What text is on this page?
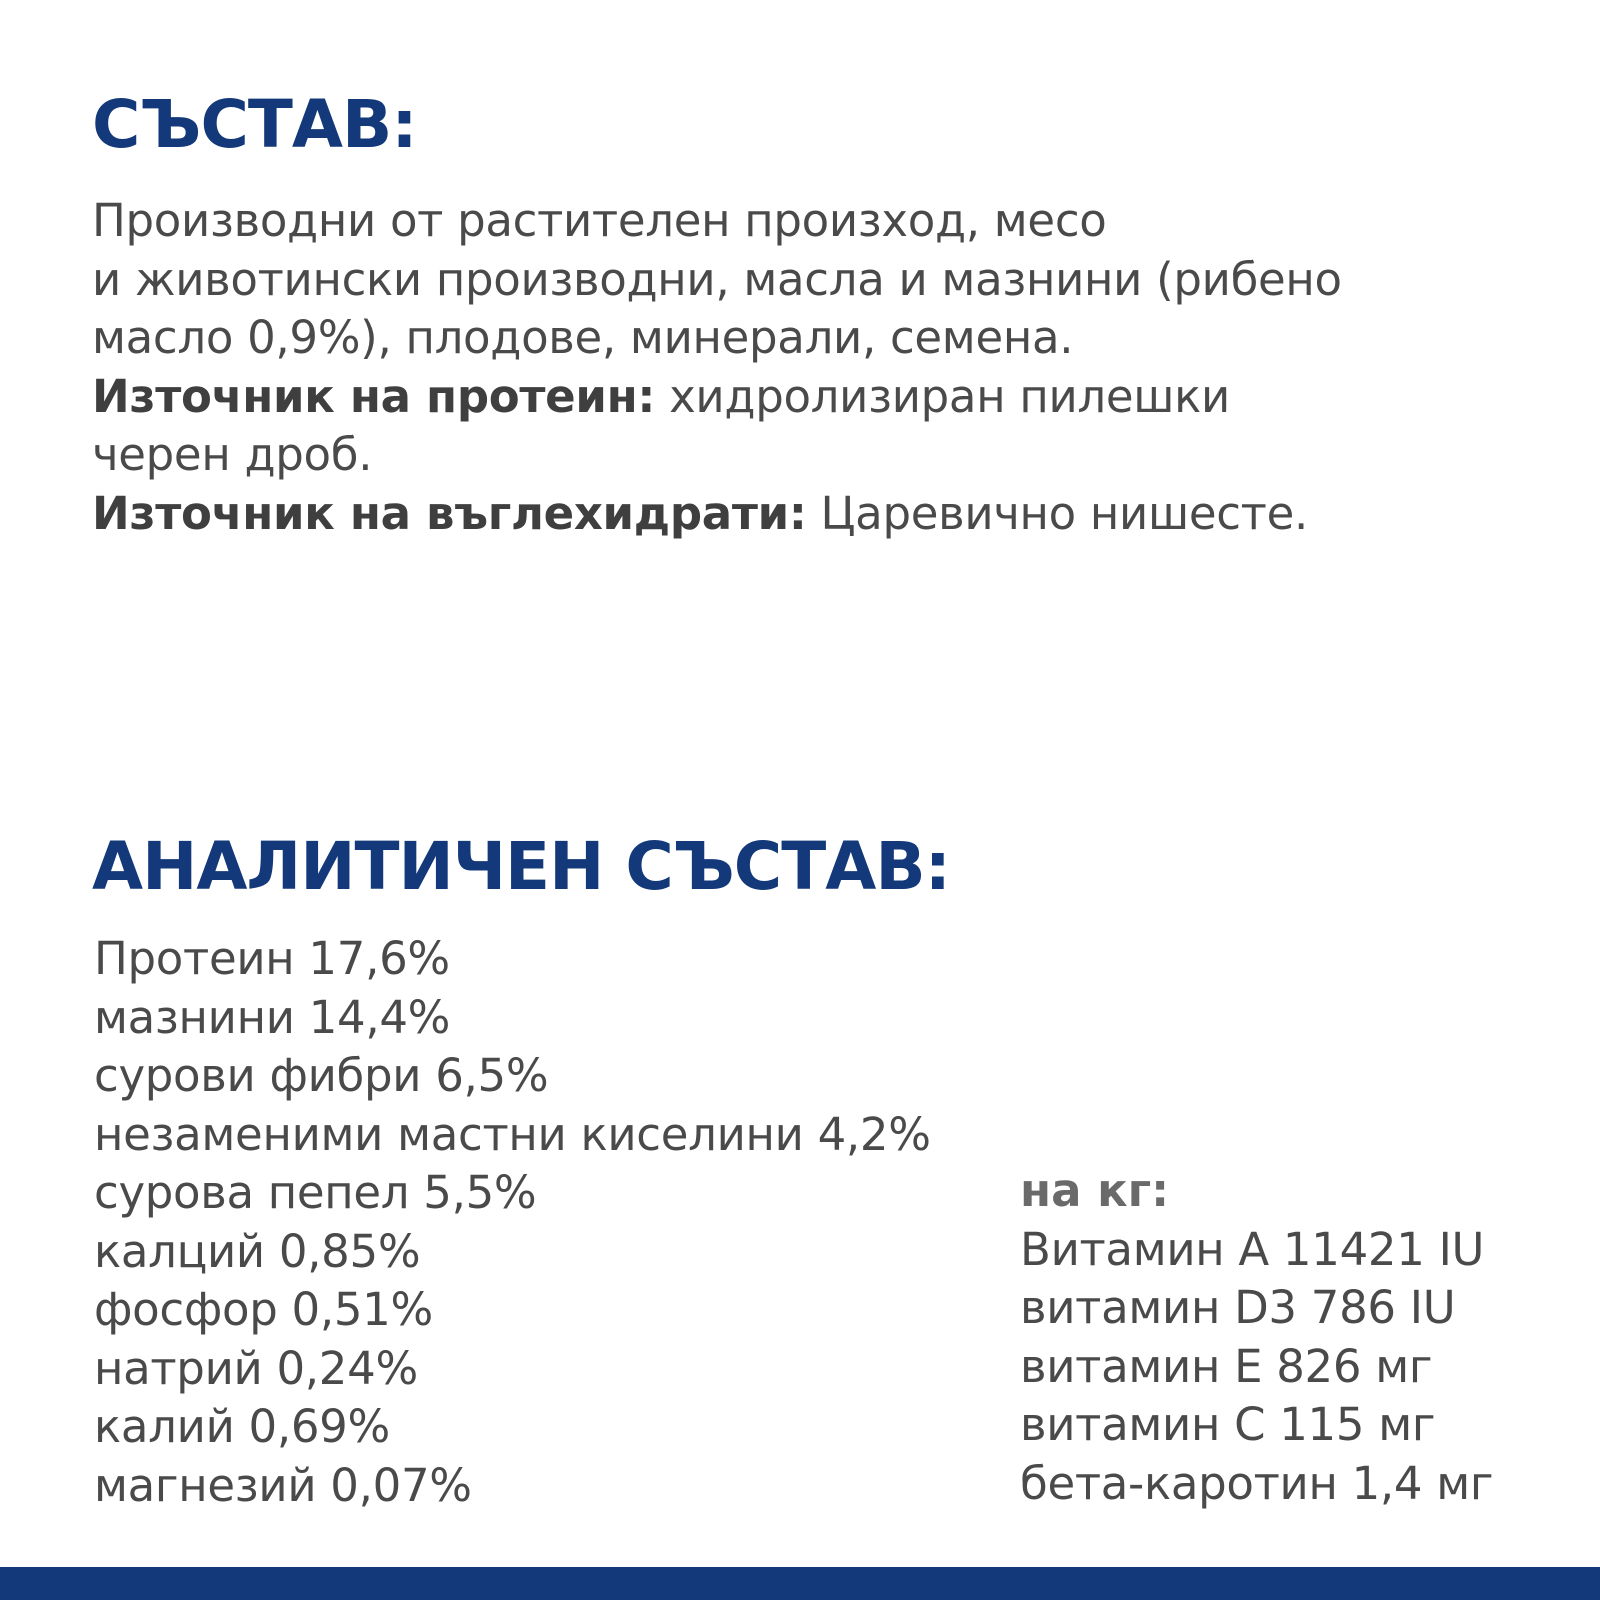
СЪСТАВ:

Производни от растителен произход, месо

и животински производни, масла и мазнини (рибено

масло 0,9%), плодове, минерали, семена.

Източник на протеин: хидролизиран пилешки

черен дроб.

Източник на въглехидрати: Царевично нишесте.

АНАЛИТИЧЕН СЪСТАВ:
Протеин 17,6%
мазнини 14,4%
сурови фибри 6,5%
незаменими мастни киселини 4,2%
сурова пепел 5,5%
калций 0,85%
фосфор 0,51%
натрий 0,24%
калий 0,69%
магнезий 0,07%
на кг:
Витамин А 11421 IU
витамин D3 786 IU
витамин Е 826 мг
витамин С 115 мг
бета-каротин 1,4 мг
